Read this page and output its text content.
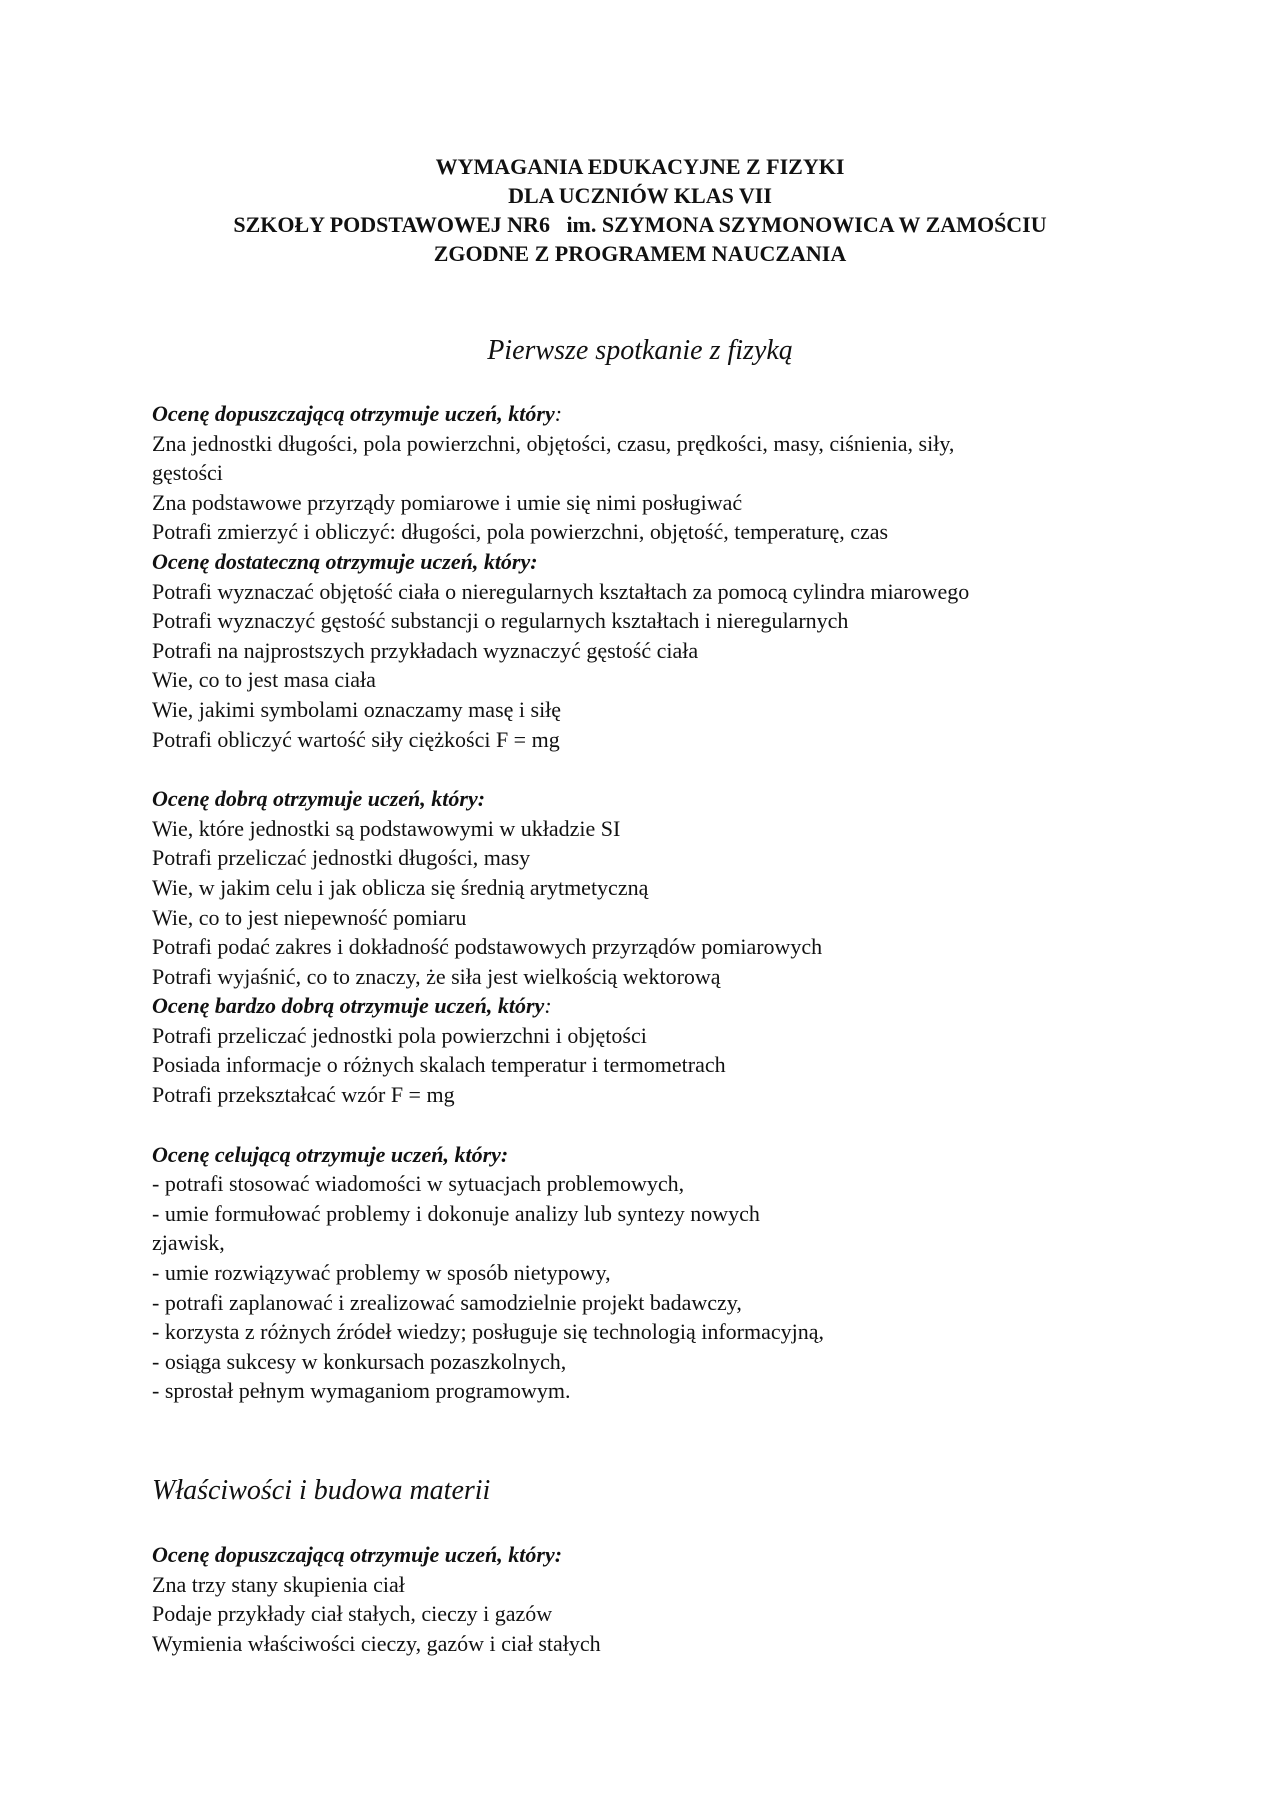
WYMAGANIA EDUKACYJNE Z FIZYKI
DLA UCZNIÓW KLAS VII
SZKOŁY PODSTAWOWEJ NR6   im. SZYMONA SZYMONOWICA W ZAMOŚCIU
ZGODNE Z PROGRAMEM NAUCZANIA
Pierwsze spotkanie z fizyką
Ocenę dopuszczającą otrzymuje uczeń, który:
Zna jednostki długości, pola powierzchni, objętości, czasu, prędkości, masy, ciśnienia, siły,
gęstości
Zna podstawowe przyrządy pomiarowe i umie się nimi posługiwać
Potrafi zmierzyć i obliczyć: długości, pola powierzchni, objętość, temperaturę, czas
Ocenę dostateczną otrzymuje uczeń, który:
Potrafi wyznaczać objętość ciała o nieregularnych kształtach za pomocą cylindra miarowego
Potrafi wyznaczyć gęstość substancji o regularnych kształtach i nieregularnych
Potrafi na najprostszych przykładach wyznaczyć gęstość ciała
Wie, co to jest masa ciała
Wie, jakimi symbolami oznaczamy masę i siłę
Potrafi obliczyć wartość siły ciężkości F = mg
Ocenę dobrą otrzymuje uczeń, który:
Wie, które jednostki są podstawowymi w układzie SI
Potrafi przeliczać jednostki długości, masy
Wie, w jakim celu i jak oblicza się średnią arytmetyczną
Wie, co to jest niepewność pomiaru
Potrafi podać zakres i dokładność podstawowych przyrządów pomiarowych
Potrafi wyjaśnić, co to znaczy, że siła jest wielkością wektorową
Ocenę bardzo dobrą otrzymuje uczeń, który:
Potrafi przeliczać jednostki pola powierzchni i objętości
Posiada informacje o różnych skalach temperatur i termometrach
Potrafi przekształcać wzór F = mg
Ocenę celującą otrzymuje uczeń, który:
- potrafi stosować wiadomości w sytuacjach problemowych,
- umie formułować problemy i dokonuje analizy lub syntezy nowych
zjawisk,
- umie rozwiązywać problemy w sposób nietypowy,
- potrafi zaplanować i zrealizować samodzielnie projekt badawczy,
- korzysta z różnych źródeł wiedzy; posługuje się technologią informacyjną,
- osiąga sukcesy w konkursach pozaszkolnych,
- sprostał pełnym wymaganiom programowym.
Właściwości i budowa materii
Ocenę dopuszczającą otrzymuje uczeń, który:
Zna trzy stany skupienia ciał
Podaje przykłady ciał stałych, cieczy i gazów
Wymienia właściwości cieczy, gazów i ciał stałych
